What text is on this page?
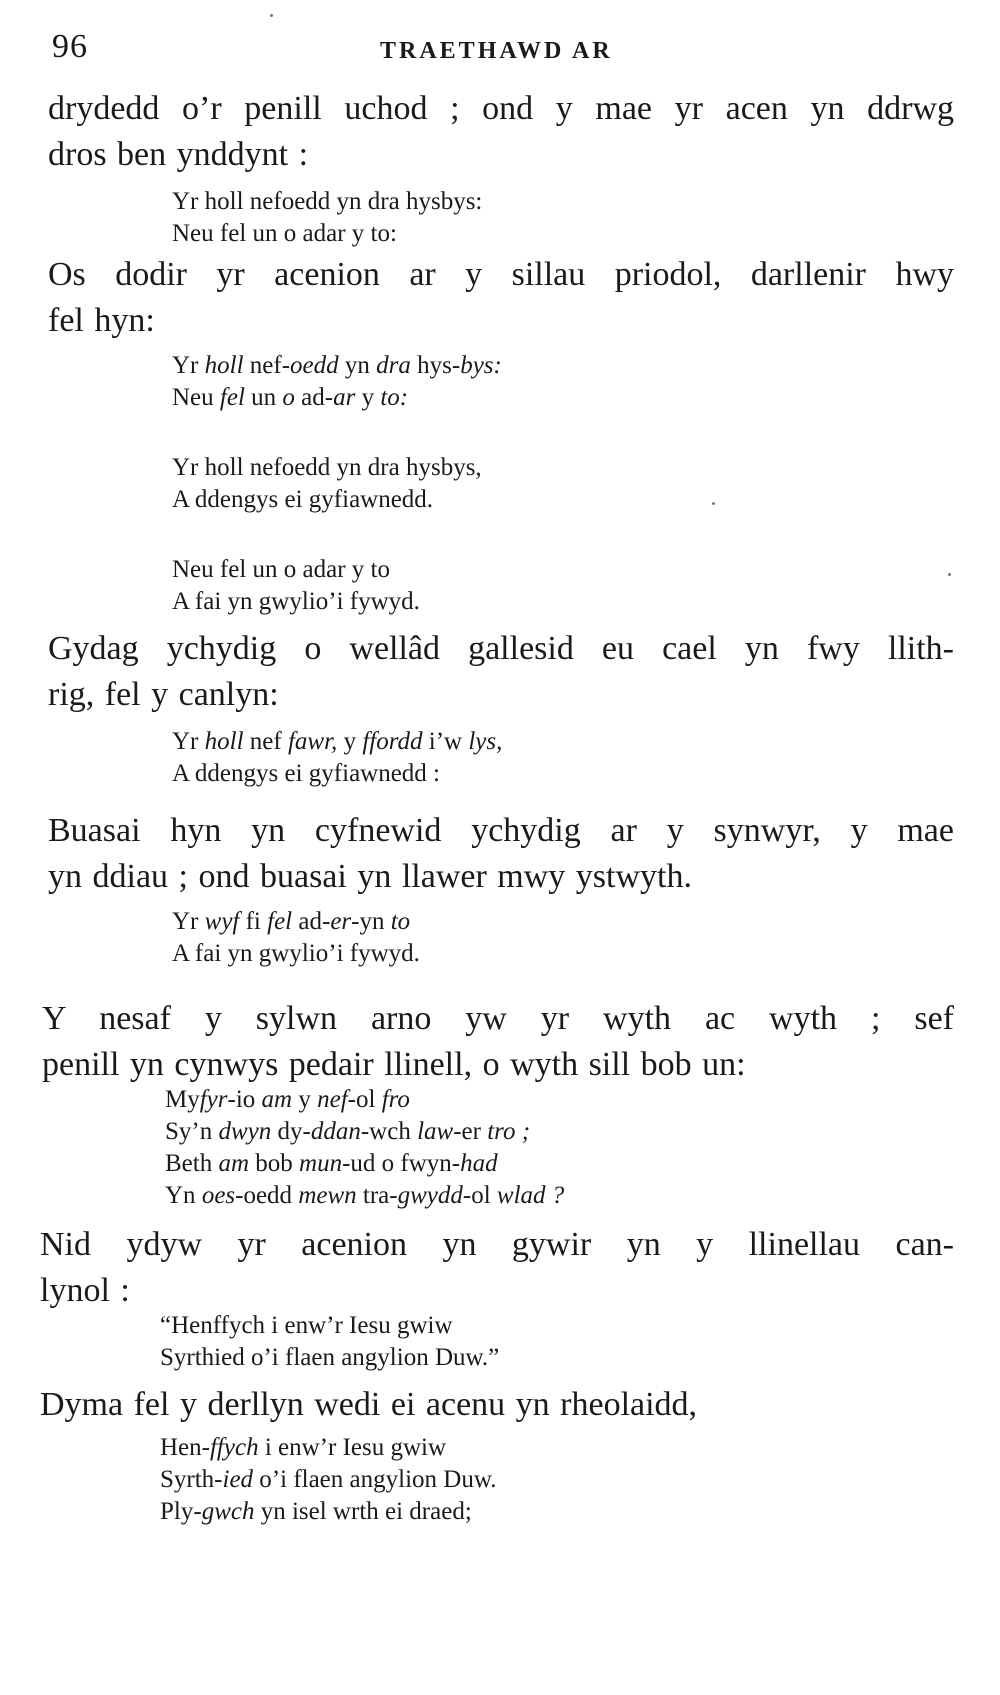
96	TRAETHAWD AR
drydedd o’r penill uchod ; ond y mae yr acen yn ddrwg
dros ben ynddynt :
Yr holl nefoedd yn dra hysbys:
Neu fel un o adar y to:
Os dodir yr acenion ar y sillau priodol, darllenir hwy
fel hyn:
Yr holl nef-oedd yn dra hys-bys:
Neu fel un o ad-ar y to:
Yr holl nefoedd yn dra hysbys,
A ddengys ei gyfiawnedd.
Neu fel un o adar y to
A fai yn gwylio’i fywyd.
Gydag ychydig o wellâd gallesid eu cael yn fwy llith-
rig, fel y canlyn:
Yr holl nef fawr, y ffordd i’w lys,
A ddengys ei gyfiawnedd :
Buasai hyn yn cyfnewid ychydig ar y synwyr, y mae
yn ddiau ; ond buasai yn llawer mwy ystwyth.
Yr wyf fi fel ad-er-yn to
A fai yn gwylio’i fywyd.
Y nesaf y sylwn arno yw yr wyth ac wyth ; sef
penill yn cynwys pedair llinell, o wyth sill bob un:
Myfyr-io am y nef-ol fro
Sy’n dwyn dy-ddan-wch law-er tro ;
Beth am bob mun-ud o fwyn-had
Yn oes-oedd mewn tra-gwydd-ol wlad ?
Nid ydyw yr acenion yn gywir yn y llinellau can-
lynol :
“Henffych i enw’r Iesu gwiw
Syrthied o’i flaen angylion Duw.”
Dyma fel y derllyn wedi ei acenu yn rheolaidd,
Hen-ffych i enw’r Iesu gwiw
Syrth-ied o’i flaen angylion Duw.
Ply-gwch yn isel wrth ei draed;
